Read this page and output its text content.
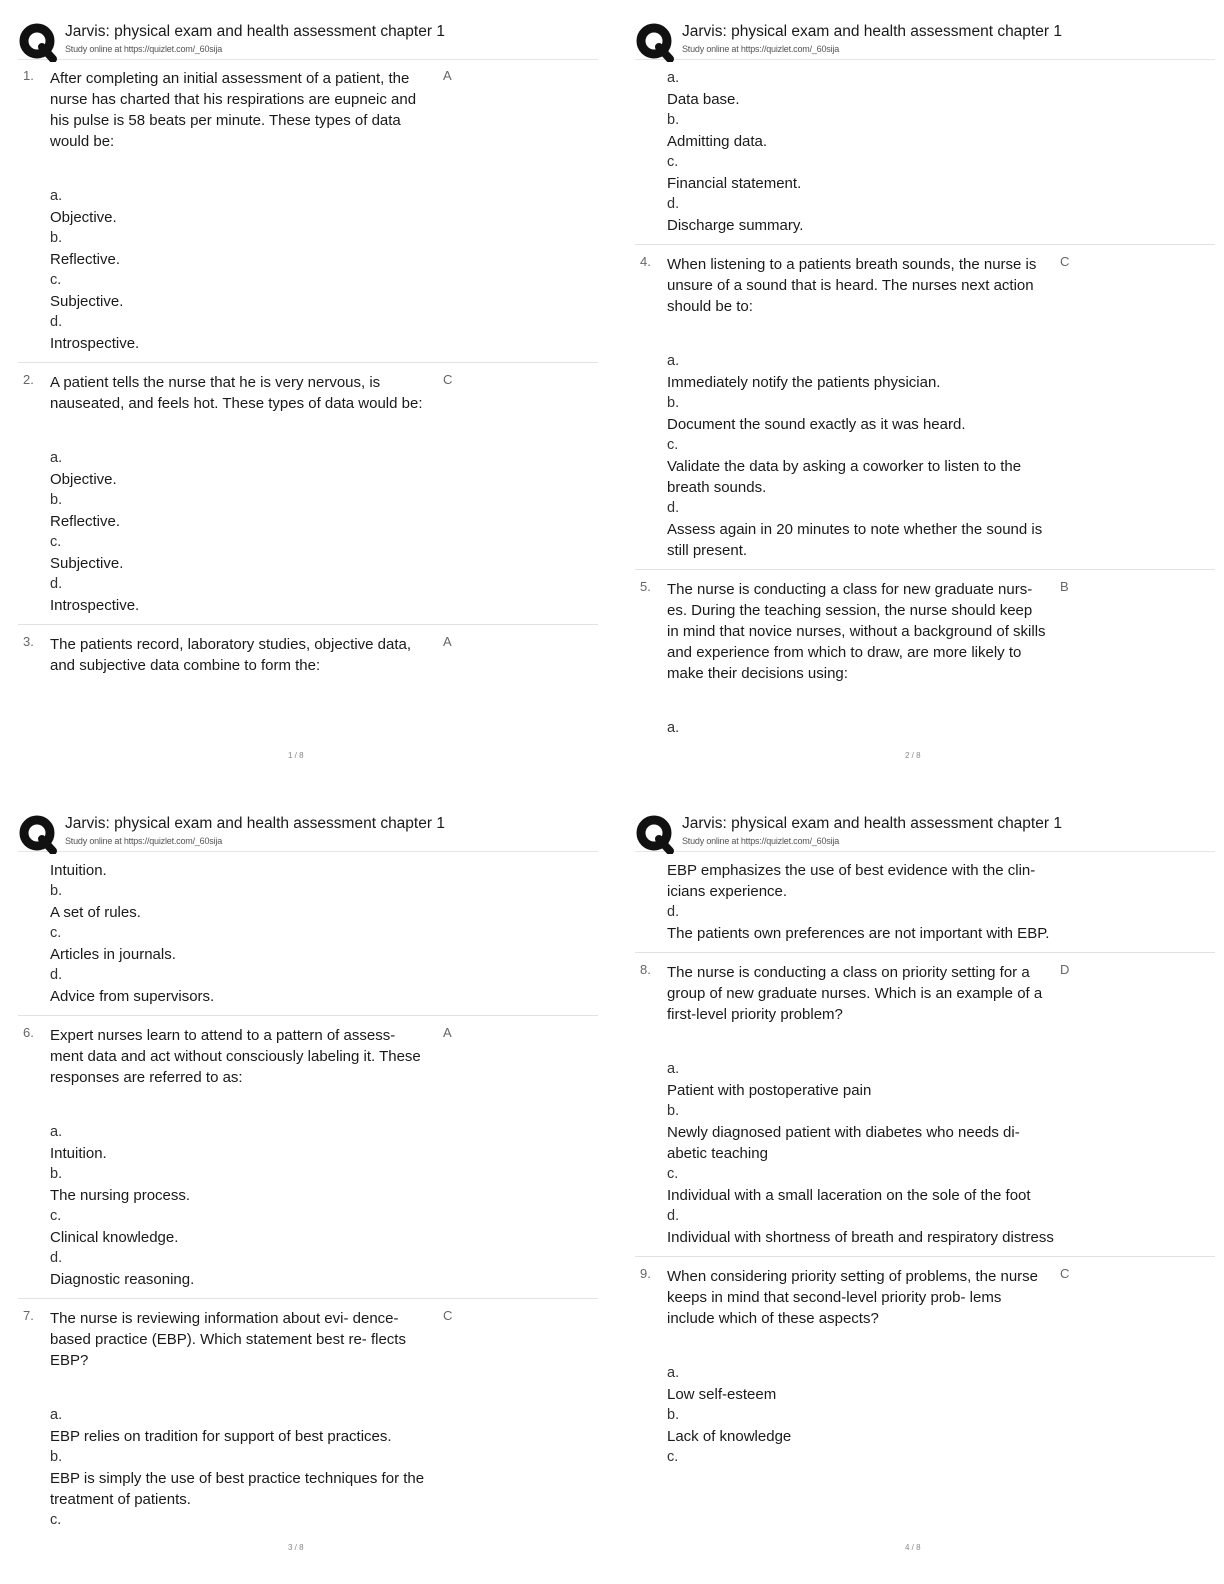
Jarvis: physical exam and health assessment chapter 1
Study online at https://quizlet.com/_60sija
1.	A
After completing an initial assessment of a patient, the nurse has charted that his respirations are eupneic and his pulse is 58 beats per minute. These types of data would be:
a.
Objective.
b.
Reflective.
c.
Subjective.
d.
Introspective.
2.	C
A patient tells the nurse that he is very nervous, is nauseated, and feels hot. These types of data would be:
a.
Objective.
b.
Reflective.
c.
Subjective.
d.
Introspective.
3.	A
The patients record, laboratory studies, objective data, and subjective data combine to form the:
1 / 8
Jarvis: physical exam and health assessment chapter 1
Study online at https://quizlet.com/_60sija
a.
Data base.
b.
Admitting data.
c.
Financial statement.
d.
Discharge summary.
4.	C
When listening to a patients breath sounds, the nurse is unsure of a sound that is heard. The nurses next action should be to:
a.
Immediately notify the patients physician.
b.
Document the sound exactly as it was heard.
c.
Validate the data by asking a coworker to listen to the breath sounds.
d.
Assess again in 20 minutes to note whether the sound is still present.
5.	B
The nurse is conducting a class for new graduate nurs- es. During the teaching session, the nurse should keep in mind that novice nurses, without a background of skills and experience from which to draw, are more likely to make their decisions using:
a.
2 / 8
Jarvis: physical exam and health assessment chapter 1
Study online at https://quizlet.com/_60sija
Intuition.
b.
A set of rules.
c.
Articles in journals.
d.
Advice from supervisors.
6.	A
Expert nurses learn to attend to a pattern of assess- ment data and act without consciously labeling it. These responses are referred to as:
a.
Intuition.
b.
The nursing process.
c.
Clinical knowledge.
d.
Diagnostic reasoning.
7.	C
The nurse is reviewing information about evi- dence-based practice (EBP). Which statement best re- flects EBP?
a.
EBP relies on tradition for support of best practices.
b.
EBP is simply the use of best practice techniques for the treatment of patients.
c.
3 / 8
Jarvis: physical exam and health assessment chapter 1
Study online at https://quizlet.com/_60sija
EBP emphasizes the use of best evidence with the clin- icians experience.
d.
The patients own preferences are not important with EBP.
8.	D
The nurse is conducting a class on priority setting for a group of new graduate nurses. Which is an example of a first-level priority problem?
a.
Patient with postoperative pain
b.
Newly diagnosed patient with diabetes who needs di- abetic teaching
c.
Individual with a small laceration on the sole of the foot
d.
Individual with shortness of breath and respiratory distress
9.	C
When considering priority setting of problems, the nurse keeps in mind that second-level priority prob- lems include which of these aspects?
a.
Low self-esteem
b.
Lack of knowledge
c.
4 / 8
